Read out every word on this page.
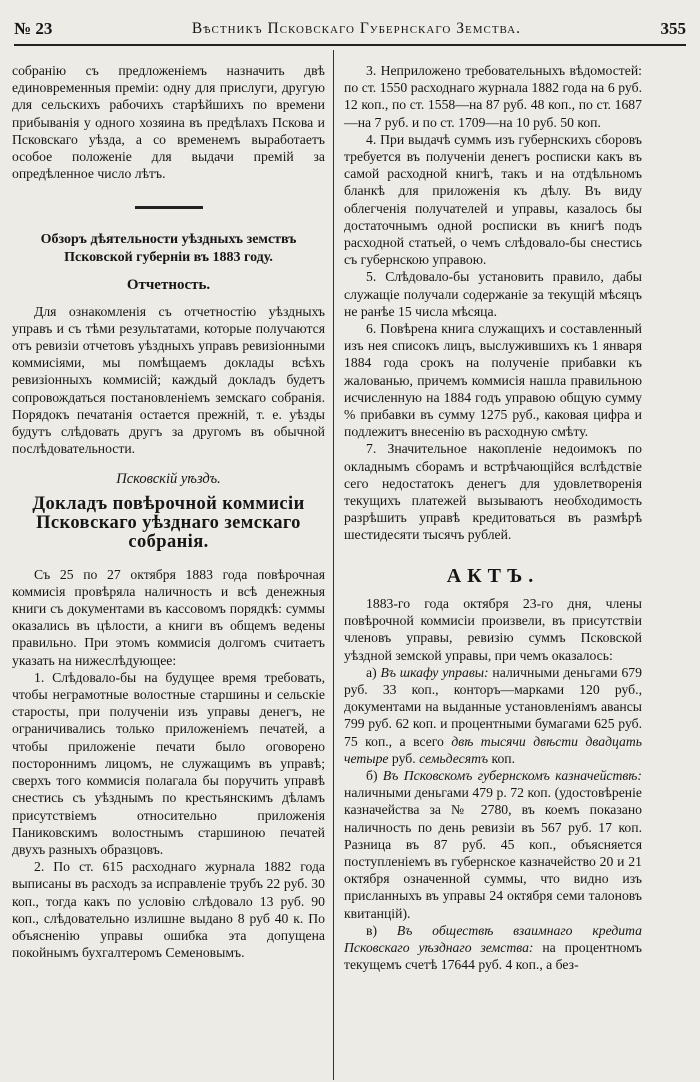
№ 23	Вѣстникъ Псковскаго Губернскаго Земства.	355

собранію съ предложеніемъ назначить двѣ единовременныя преміи: одну для прислуги, другую для сельскихъ рабочихъ старѣйшихъ по времени прибыванія у одного хозяина въ предѣлахъ Пскова и Псковскаго уѣзда, а со временемъ выработаетъ особое положеніе для выдачи премій за опредѣленное число лѣтъ.

Обзоръ дѣятельности уѣздныхъ земствъ Псковской губерніи въ 1883 году.

Отчетность.

Для ознакомленія съ отчетностію уѣздныхъ управъ и съ тѣми результатами, которые получаются отъ ревизіи отчетовъ уѣздныхъ управъ ревизіонными коммисіями, мы помѣщаемъ доклады всѣхъ ревизіонныхъ коммисій; каждый докладъ будетъ сопровождаться постановленіемъ земскаго собранія. Порядокъ печатанія остается прежній, т. е. уѣзды будутъ слѣдовать другъ за другомъ въ обычной послѣдовательности.

Псковскій уѣздъ.

Докладъ повѣрочной коммисіи Псковскаго уѣзднаго земскаго собранія.

Съ 25 по 27 октября 1883 года повѣрочная коммисія провѣряла наличность и всѣ денежныя книги съ документами въ кассовомъ порядкѣ: суммы оказались въ цѣлости, а книги въ общемъ ведены правильно. При этомъ коммисія долгомъ считаетъ указать на нижеслѣдующее:

1. Слѣдовало-бы на будущее время требовать, чтобы неграмотные волостные старшины и сельскіе старосты, при полученіи изъ управы денегъ, не ограничивались только приложеніемъ печатей, а чтобы приложеніе печати было оговорено постороннимъ лицомъ, не служащимъ въ управѣ; сверхъ того коммисія полагала бы поручить управѣ снестись съ уѣзднымъ по крестьянскимъ дѣламъ присутствіемъ относительно приложенія Паниковскимъ волостнымъ старшиною печатей двухъ разныхъ образцовъ.

2. По ст. 615 расходнаго журнала 1882 года выписаны въ расходъ за исправленіе трубъ 22 руб. 30 коп., тогда какъ по условію слѣдовало 13 руб. 90 коп., слѣдовательно излишне выдано 8 руб 40 к. По объясненію управы ошибка эта допущена покойнымъ бухгалтеромъ Семеновымъ.

3. Неприложено требовательныхъ вѣдомостей: по ст. 1550 расходнаго журнала 1882 года на 6 руб. 12 коп., по ст. 1558—на 87 руб. 48 коп., по ст. 1687—на 7 руб. и по ст. 1709—на 10 руб. 50 коп.

4. При выдачѣ суммъ изъ губернскихъ сборовъ требуется въ полученіи денегъ росписки какъ въ самой расходной книгѣ, такъ и на отдѣльномъ бланкѣ для приложенія къ дѣлу. Въ виду облегченія получателей и управы, казалось бы достаточнымъ одной росписки въ книгѣ подъ расходной статьей, о чемъ слѣдовало-бы снестись съ губернскою управою.

5. Слѣдовало-бы установить правило, дабы служащіе получали содержаніе за текущій мѣсяцъ не ранѣе 15 числа мѣсяца.

6. Повѣрена книга служащихъ и составленный изъ нея списокъ лицъ, выслужившихъ къ 1 января 1884 года срокъ на полученіе прибавки къ жалованью, причемъ коммисія нашла правильною исчисленную на 1884 годъ управою общую сумму % прибавки въ сумму 1275 руб., каковая цифра и подлежитъ внесенію въ расходную смѣту.

7. Значительное накопленіе недоимокъ по окладнымъ сборамъ и встрѣчающійся вслѣдствіе сего недостатокъ денегъ для удовлетворенія текущихъ платежей вызываютъ необходимость разрѣшить управѣ кредитоваться въ размѣрѣ шестидесяти тысячъ рублей.

АКТЪ.

1883-го года октября 23-го дня, члены повѣрочной коммисіи произвели, въ присутствіи членовъ управы, ревизію суммъ Псковской уѣздной земской управы, при чемъ оказалось:

а) Въ шкафу управы: наличными деньгами 679 руб. 33 коп., конторъ—марками 120 руб., документами на выданные установленіямъ авансы 799 руб. 62 коп. и процентными бумагами 625 руб. 75 коп., а всего двѣ тысячи двѣсти двадцать четыре руб. семьдесятъ коп.

б) Въ Псковскомъ губернскомъ казначействѣ: наличными деньгами 479 р. 72 коп. (удостовѣреніе казначейства за № 2780, въ коемъ показано наличность по день ревизіи въ 567 руб. 17 коп. Разница въ 87 руб. 45 коп., объясняется поступленіемъ въ губернское казначейство 20 и 21 октября означенной суммы, что видно изъ присланныхъ въ управы 24 октября семи талоновъ квитанцій).

в) Въ обществѣ взаимнаго кредита Псковскаго уѣзднаго земства: на процентномъ текущемъ счетѣ 17644 руб. 4 коп., а без-
